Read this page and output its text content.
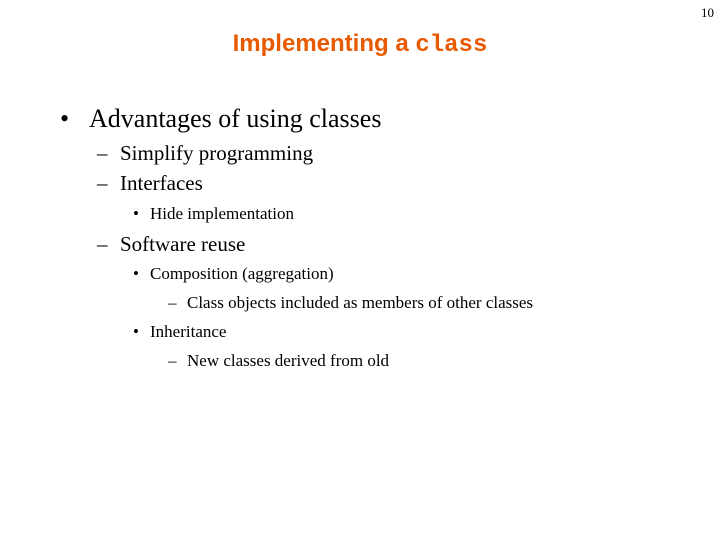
10
Implementing a class
• Advantages of using classes
– Simplify programming
– Interfaces
• Hide implementation
– Software reuse
• Composition (aggregation)
– Class objects included as members of other classes
• Inheritance
– New classes derived from old
